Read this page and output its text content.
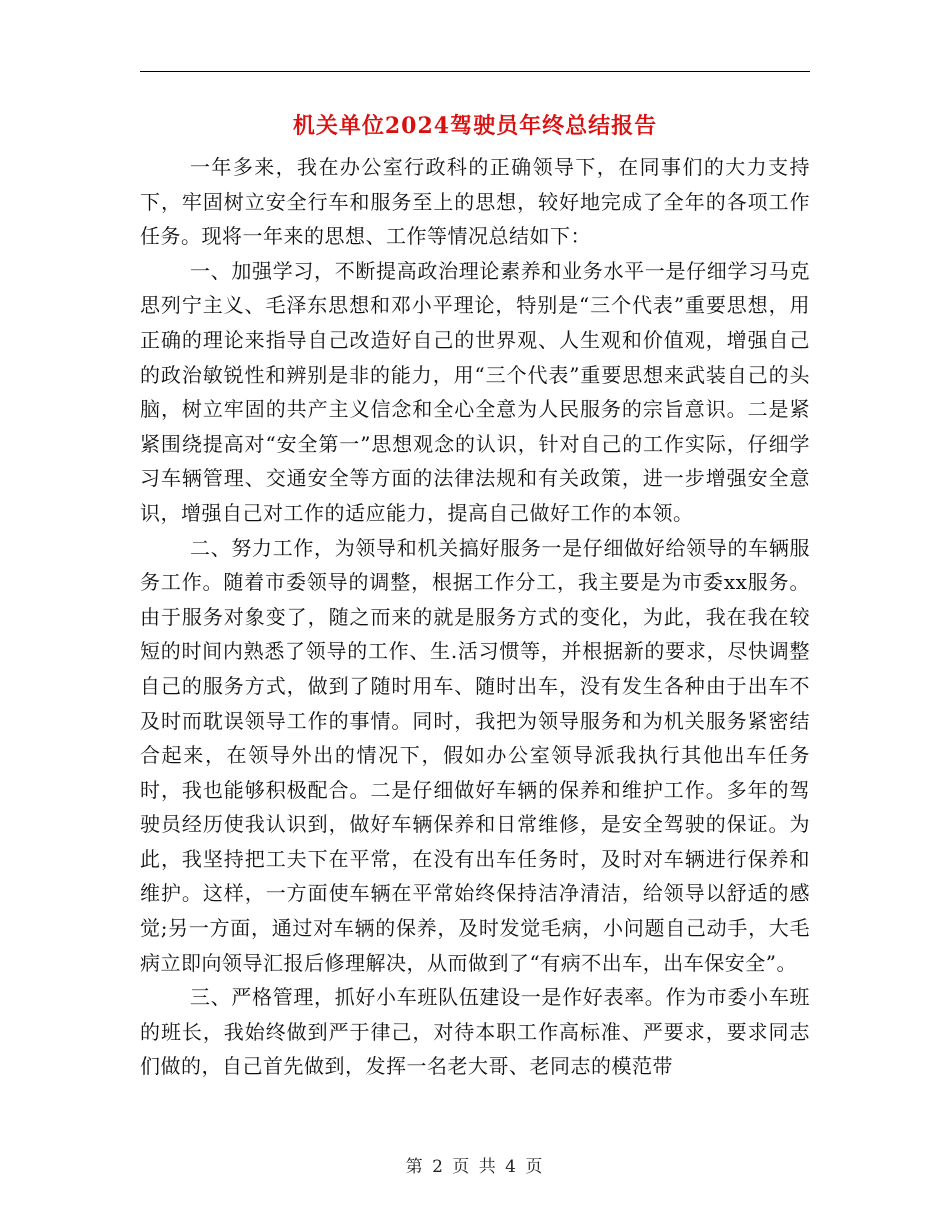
机关单位2024驾驶员年终总结报告

一年多来，我在办公室行政科的正确领导下，在同事们的大力支持下，牢固树立安全行车和服务至上的思想，较好地完成了全年的各项工作任务。现将一年来的思想、工作等情况总结如下：

一、加强学习，不断提高政治理论素养和业务水平一是仔细学习马克思列宁主义、毛泽东思想和邓小平理论，特别是“三个代表”重要思想，用正确的理论来指导自己改造好自己的世界观、人生观和价值观，增强自己的政治敏锐性和辨别是非的能力，用“三个代表”重要思想来武装自己的头脑，树立牢固的共产主义信念和全心全意为人民服务的宗旨意识。二是紧紧围绕提高对“安全第一”思想观念的认识，针对自己的工作实际，仔细学习车辆管理、交通安全等方面的法律法规和有关政策，进一步增强安全意识，增强自己对工作的适应能力，提高自己做好工作的本领。

二、努力工作，为领导和机关搞好服务一是仔细做好给领导的车辆服务工作。随着市委领导的调整，根据工作分工，我主要是为市委xx服务。由于服务对象变了，随之而来的就是服务方式的变化，为此，我在我在较短的时间内熟悉了领导的工作、生.活习惯等，并根据新的要求，尽快调整自己的服务方式，做到了随时用车、随时出车，没有发生各种由于出车不及时而耽误领导工作的事情。同时，我把为领导服务和为机关服务紧密结合起来，在领导外出的情况下，假如办公室领导派我执行其他出车任务时，我也能够积极配合。二是仔细做好车辆的保养和维护工作。多年的驾驶员经历使我认识到，做好车辆保养和日常维修，是安全驾驶的保证。为此，我坚持把工夫下在平常，在没有出车任务时，及时对车辆进行保养和维护。这样，一方面使车辆在平常始终保持洁净清洁，给领导以舒适的感觉;另一方面，通过对车辆的保养，及时发觉毛病，小问题自己动手，大毛病立即向领导汇报后修理解决，从而做到了“有病不出车，出车保安全”。

三、严格管理，抓好小车班队伍建设一是作好表率。作为市委小车班的班长，我始终做到严于律己，对待本职工作高标准、严要求，要求同志们做的，自己首先做到，发挥一名老大哥、老同志的模范带

第 2 页 共 4 页
